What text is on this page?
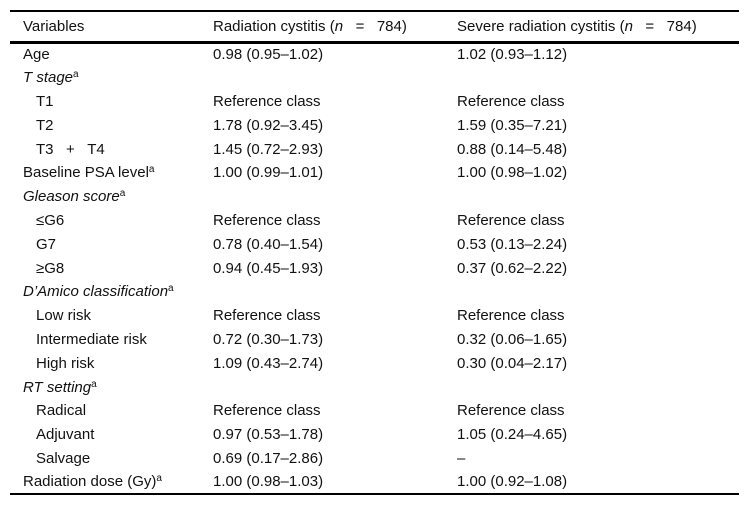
Variables	Radiation cystitis (n   =   784)	Severe radiation cystitis (n   =   784)
Age	0.98 (0.95–1.02)	1.02 (0.93–1.12)
T stage$^a$		
T1	Reference class	Reference class
T2	1.78 (0.92–3.45)	1.59 (0.35–7.21)
T3   +   T4	1.45 (0.72–2.93)	0.88 (0.14–5.48)
Baseline PSA level$^a$	1.00 (0.99–1.01)	1.00 (0.98–1.02)
Gleason score$^a$		
≤G6	Reference class	Reference class
G7	0.78 (0.40–1.54)	0.53 (0.13–2.24)
≥G8	0.94 (0.45–1.93)	0.37 (0.62–2.22)
D’Amico classification$^a$		
Low risk	Reference class	Reference class
Intermediate risk	0.72 (0.30–1.73)	0.32 (0.06–1.65)
High risk	1.09 (0.43–2.74)	0.30 (0.04–2.17)
RT setting$^a$		
Radical	Reference class	Reference class
Adjuvant	0.97 (0.53–1.78)	1.05 (0.24–4.65)
Salvage	0.69 (0.17–2.86)	–
Radiation dose (Gy)$^a$	1.00 (0.98–1.03)	1.00 (0.92–1.08)
